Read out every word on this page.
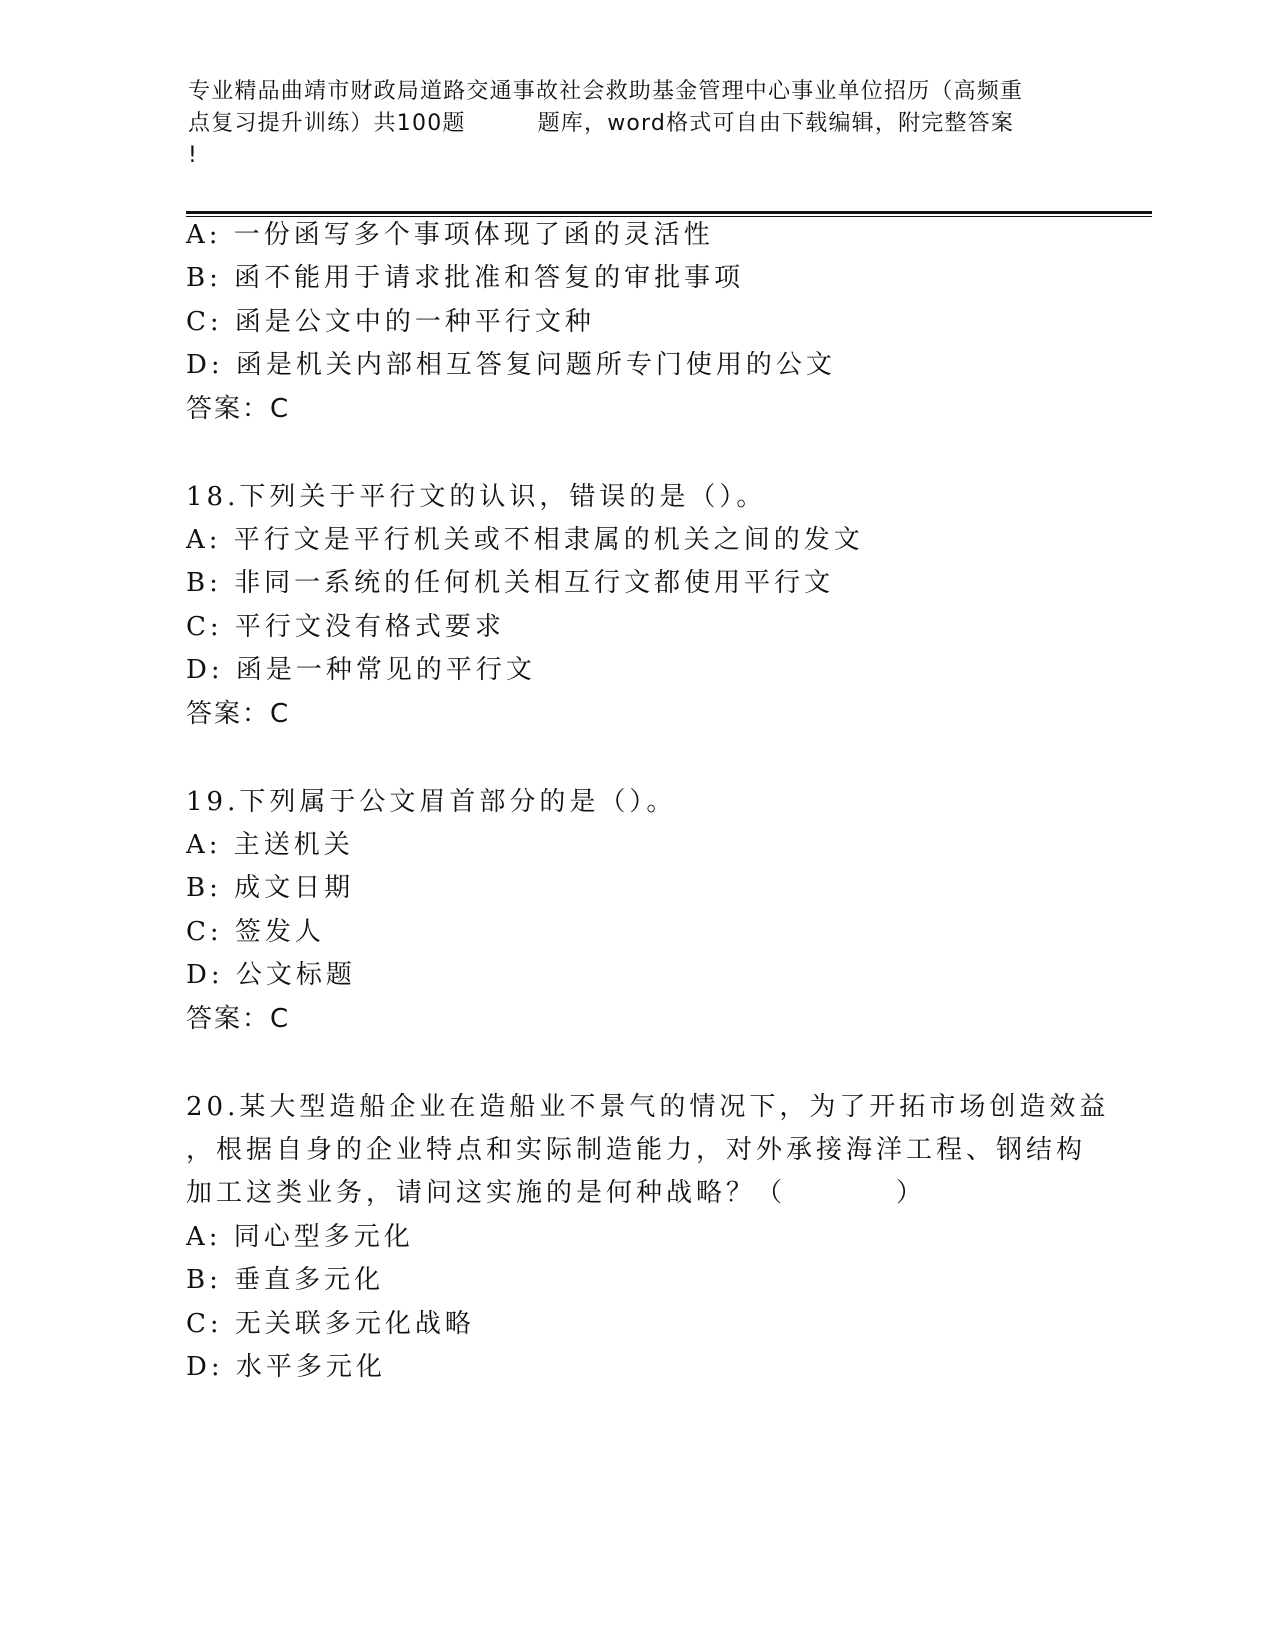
专业精品曲靖市财政局道路交通事故社会救助基金管理中心事业单位招历（高频重
点复习提升训练）共100题	题库，word格式可自由下载编辑，附完整答案
!
A: 一份函写多个事项体现了函的灵活性
B: 函不能用于请求批准和答复的审批事项
C: 函是公文中的一种平行文种
D: 函是机关内部相互答复问题所专门使用的公文
答案：C
18.下列关于平行文的认识，错误的是（）。
A: 平行文是平行机关或不相隶属的机关之间的发文
B: 非同一系统的任何机关相互行文都使用平行文
C: 平行文没有格式要求
D: 函是一种常见的平行文
答案：C
19.下列属于公文眉首部分的是（）。
A: 主送机关
B: 成文日期
C: 签发人
D: 公文标题
答案：C
20.某大型造船企业在造船业不景气的情况下，为了开拓市场创造效益
，根据自身的企业特点和实际制造能力，对外承接海洋工程、钢结构
加工这类业务，请问这实施的是何种战略？（	）
A: 同心型多元化
B: 垂直多元化
C: 无关联多元化战略
D: 水平多元化
